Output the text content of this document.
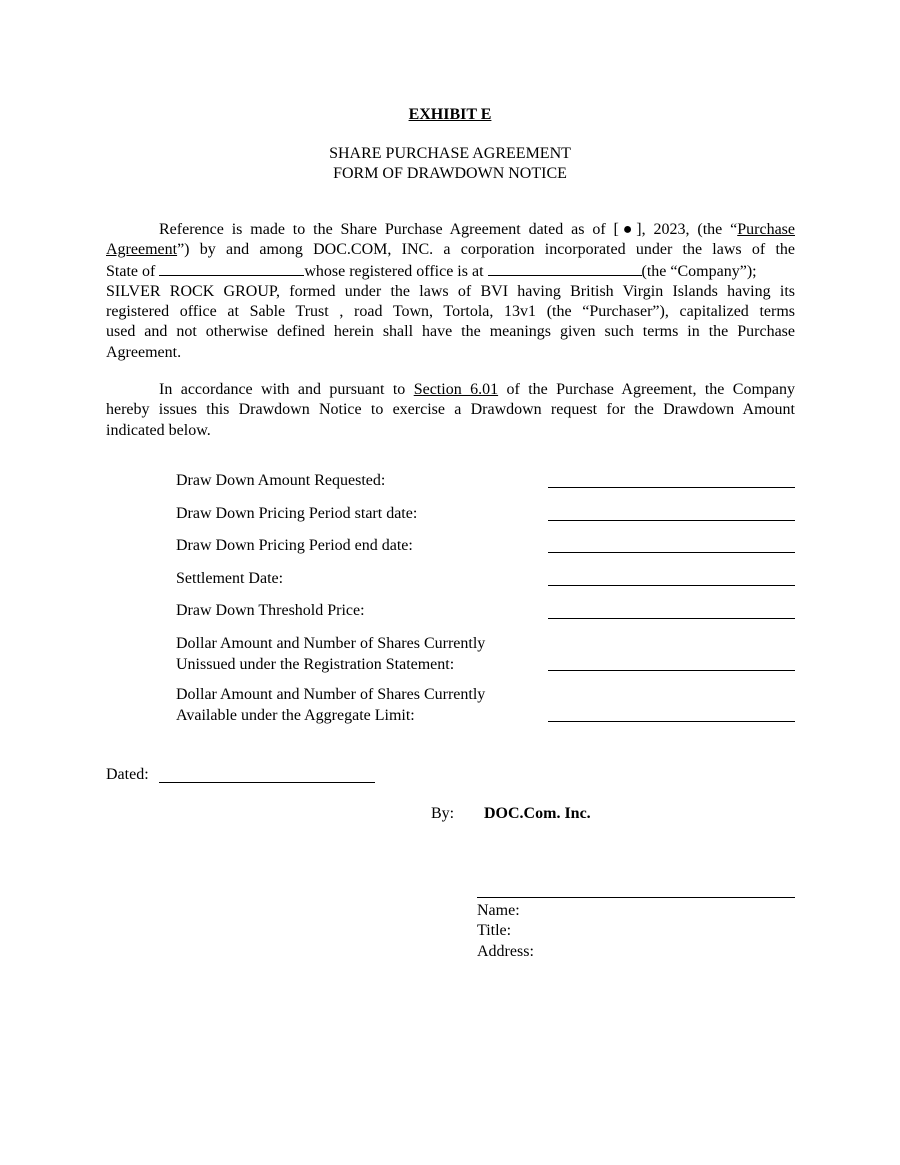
EXHIBIT E
SHARE PURCHASE AGREEMENT
FORM OF DRAWDOWN NOTICE
Reference is made to the Share Purchase Agreement dated as of [●], 2023, (the “Purchase
Agreement”) by and among DOC.COM, INC. a corporation incorporated under the laws of the
State of	whose registered office is at	(the “Company”);
SILVER ROCK GROUP, formed under the laws of BVI having British Virgin Islands having its
registered office at Sable Trust , road Town, Tortola, 13v1 (the “Purchaser”), capitalized terms
used and not otherwise defined herein shall have the meanings given such terms in the Purchase
Agreement.
In accordance with and pursuant to Section 6.01 of the Purchase Agreement, the Company
hereby issues this Drawdown Notice to exercise a Drawdown request for the Drawdown Amount
indicated below.
Draw Down Amount Requested:
Draw Down Pricing Period start date:
Draw Down Pricing Period end date:
Settlement Date:
Draw Down Threshold Price:
Dollar Amount and Number of Shares Currently
Unissued under the Registration Statement:
Dollar Amount and Number of Shares Currently
Available under the Aggregate Limit:
Dated:
By: DOC.Com. Inc.
Name:
Title:
Address:
